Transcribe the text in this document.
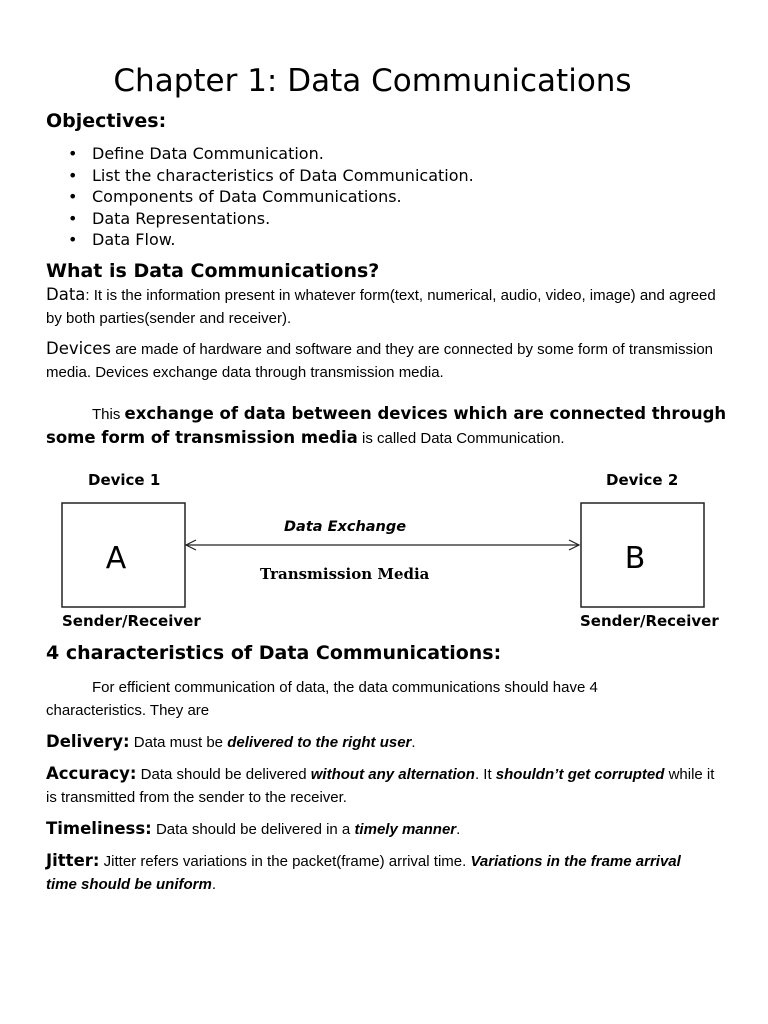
Chapter 1: Data Communications
Objectives:
• Define Data Communication.
• List the characteristics of Data Communication.
• Components of Data Communications.
• Data Representations.
• Data Flow.
What is Data Communications?

Data: It is the information present in whatever form(text, numerical, audio, video, image) and agreed by both parties(sender and receiver).

Devices are made of hardware and software and they are connected by some form of transmission media. Devices exchange data through transmission media.

This exchange of data between devices which are connected through some form of transmission media is called Data Communication.

Device 1	Device 2
A	B
Data Exchange
Transmission Media
Sender/Receiver	Sender/Receiver
4 characteristics of Data Communications:

For efficient communication of data, the data communications should have 4 characteristics. They are

Delivery: Data must be delivered to the right user.

Accuracy: Data should be delivered without any alternation. It shouldn’t get corrupted while it is transmitted from the sender to the receiver.

Timeliness: Data should be delivered in a timely manner.

Jitter: Jitter refers variations in the packet(frame) arrival time. Variations in the frame arrival time should be uniform.
